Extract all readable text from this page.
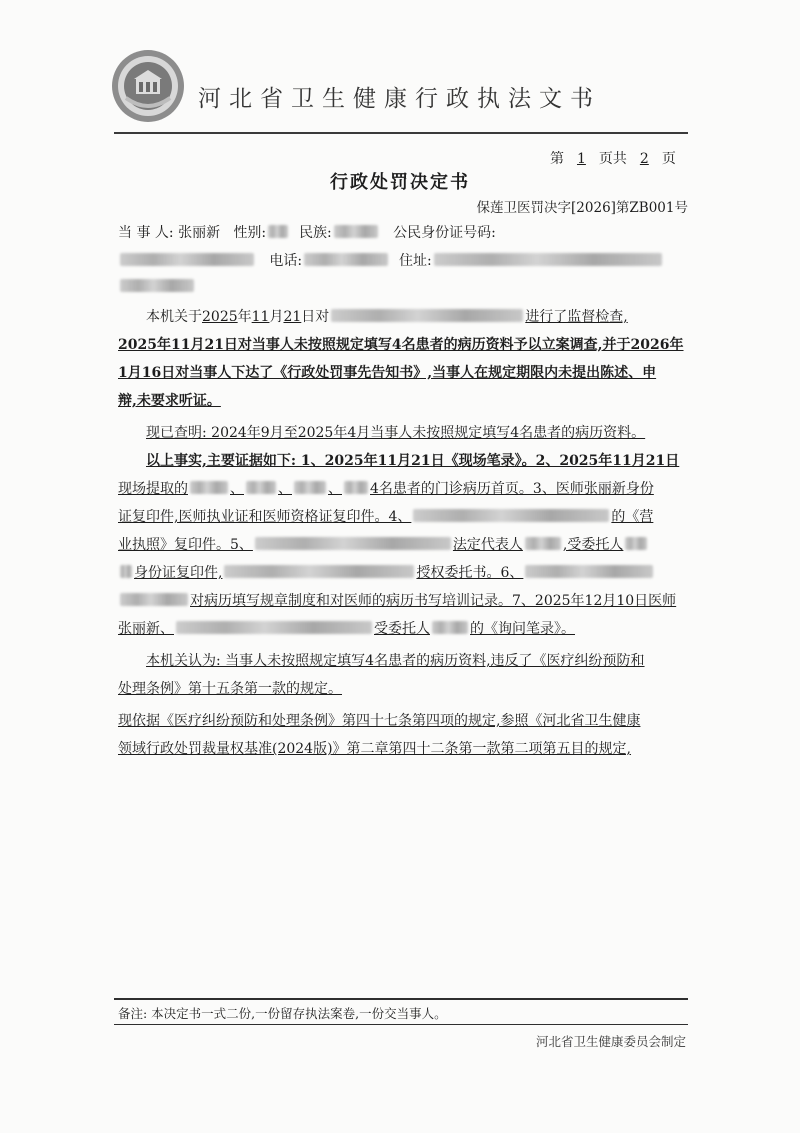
河北省卫生健康行政执法文书
第 1 页共 2 页
行政处罚决定书
保莲卫医罚决字[2026]第ZB001号
当 事 人: 张丽新 性别: 民族:	公民身份证号码:
电话:	住址:
本机关于2025年11月21日对	进行了监督检查,
2025年11月21日对当事人未按照规定填写4名患者的病历资料予以立案调查,并于2026年
1月16日对当事人下达了《行政处罚事先告知书》,当事人在规定期限内未提出陈述、申
辩,未要求听证。
现已查明: 2024年9月至2025年4月当事人未按照规定填写4名患者的病历资料。
以上事实,主要证据如下: 1、2025年11月21日《现场笔录》。2、2025年11月21日
现场提取的	、 、	、 4名患者的门诊病历首页。3、医师张丽新身份
证复印件,医师执业证和医师资格证复印件。4、	的《营
业执照》复印件。5、	法定代表人	,受委托人
身份证复印件,	授权委托书。6、
对病历填写规章制度和对医师的病历书写培训记录。7、2025年12月10日医师
张丽新、	受委托人	的《询问笔录》。
本机关认为: 当事人未按照规定填写4名患者的病历资料,违反了《医疗纠纷预防和
处理条例》第十五条第一款的规定。
现依据《医疗纠纷预防和处理条例》第四十七条第四项的规定,参照《河北省卫生健康
领域行政处罚裁量权基准(2024版)》第二章第四十二条第一款第二项第五目的规定,
备注: 本决定书一式二份,一份留存执法案卷,一份交当事人。
河北省卫生健康委员会制定
